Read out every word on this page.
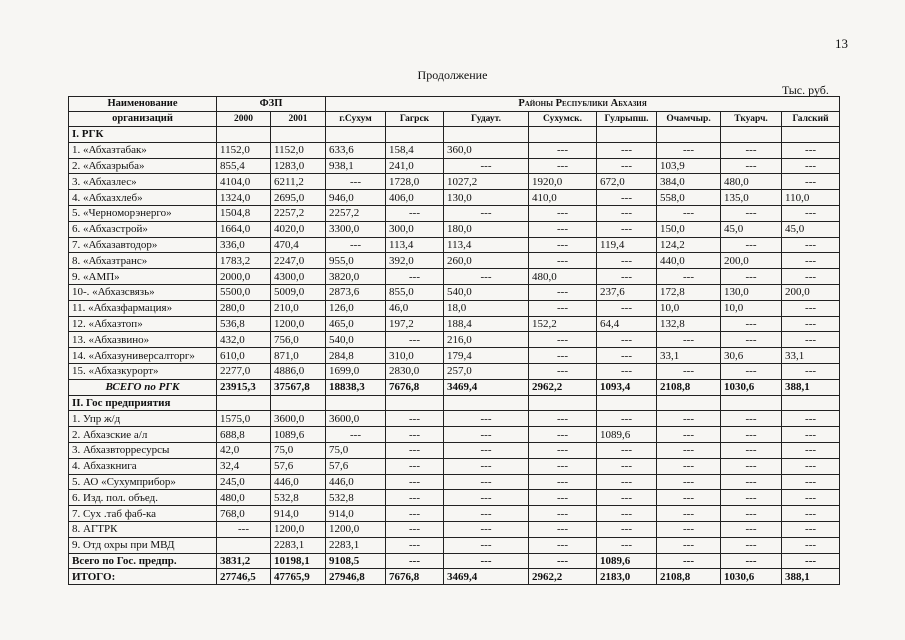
13
Продолжение
Тыс. руб.
Наименование	ФЗП		Районы Республики Абхазия							
организаций	2000	2001	г.Сухум	Гагрск	Гудаут.	Сухумск.	Гулрыпш.	Очамчыр.	Ткуарч.	Галский
I. РГК										
1. «Абхазтабак»	1152,0	1152,0	633,6	158,4	360,0	---	---	---	---	---
2. «Абхазрыба»	855,4	1283,0	938,1	241,0	---	---	---	103,9	---	---
3. «Абхазлес»	4104,0	6211,2	---	1728,0	1027,2	1920,0	672,0	384,0	480,0	---
4. «Абхазхлеб»	1324,0	2695,0	946,0	406,0	130,0	410,0	---	558,0	135,0	110,0
5. «Черноморэнерго»	1504,8	2257,2	2257,2	---	---	---	---	---	---	---
6. «Абхазстрой»	1664,0	4020,0	3300,0	300,0	180,0	---	---	150,0	45,0	45,0
7. «Абхазавтодор»	336,0	470,4	---	113,4	113,4	---	119,4	124,2	---	---
8. «Абхазтранс»	1783,2	2247,0	955,0	392,0	260,0	---	---	440,0	200,0	---
9. «АМП»	2000,0	4300,0	3820,0	---	---	480,0	---	---	---	---
10-. «Абхазсвязь»	5500,0	5009,0	2873,6	855,0	540,0	---	237,6	172,8	130,0	200,0
11. «Абхазфармация»	280,0	210,0	126,0	46,0	18,0	---	---	10,0	10,0	---
12. «Абхазтоп»	536,8	1200,0	465,0	197,2	188,4	152,2	64,4	132,8	---	---
13. «Абхазвино»	432,0	756,0	540,0	---	216,0	---	---	---	---	---
14. «Абхазуниверсалторг»	610,0	871,0	284,8	310,0	179,4	---	---	33,1	30,6	33,1
15. «Абхазкурорт»	2277,0	4886,0	1699,0	2830,0	257,0	---	---	---	---	---
ВСЕГО по РГК	23915,3	37567,8	18838,3	7676,8	3469,4	2962,2	1093,4	2108,8	1030,6	388,1
II. Гос предприятия										
1. Упр ж/д	1575,0	3600,0	3600,0	---	---	---	---	---	---	---
2. Абхазские а/л	688,8	1089,6	---	---	---	---	1089,6	---	---	---
3. Абхазвторресурсы	42,0	75,0	75,0	---	---	---	---	---	---	---
4. Абхазкнига	32,4	57,6	57,6	---	---	---	---	---	---	---
5. АО «Сухумприбор»	245,0	446,0	446,0	---	---	---	---	---	---	---
6. Изд. пол. объед.	480,0	532,8	532,8	---	---	---	---	---	---	---
7. Сух .таб фаб-ка	768,0	914,0	914,0	---	---	---	---	---	---	---
8. АГТРК	---	1200,0	1200,0	---	---	---	---	---	---	---
9. Отд охры при МВД		2283,1	2283,1	---	---	---	---	---	---	---
Всего по Гос. предпр.	3831,2	10198,1	9108,5	---	---	---	1089,6	---	---	---
ИТОГО:	27746,5	47765,9	27946,8	7676,8	3469,4	2962,2	2183,0	2108,8	1030,6	388,1
